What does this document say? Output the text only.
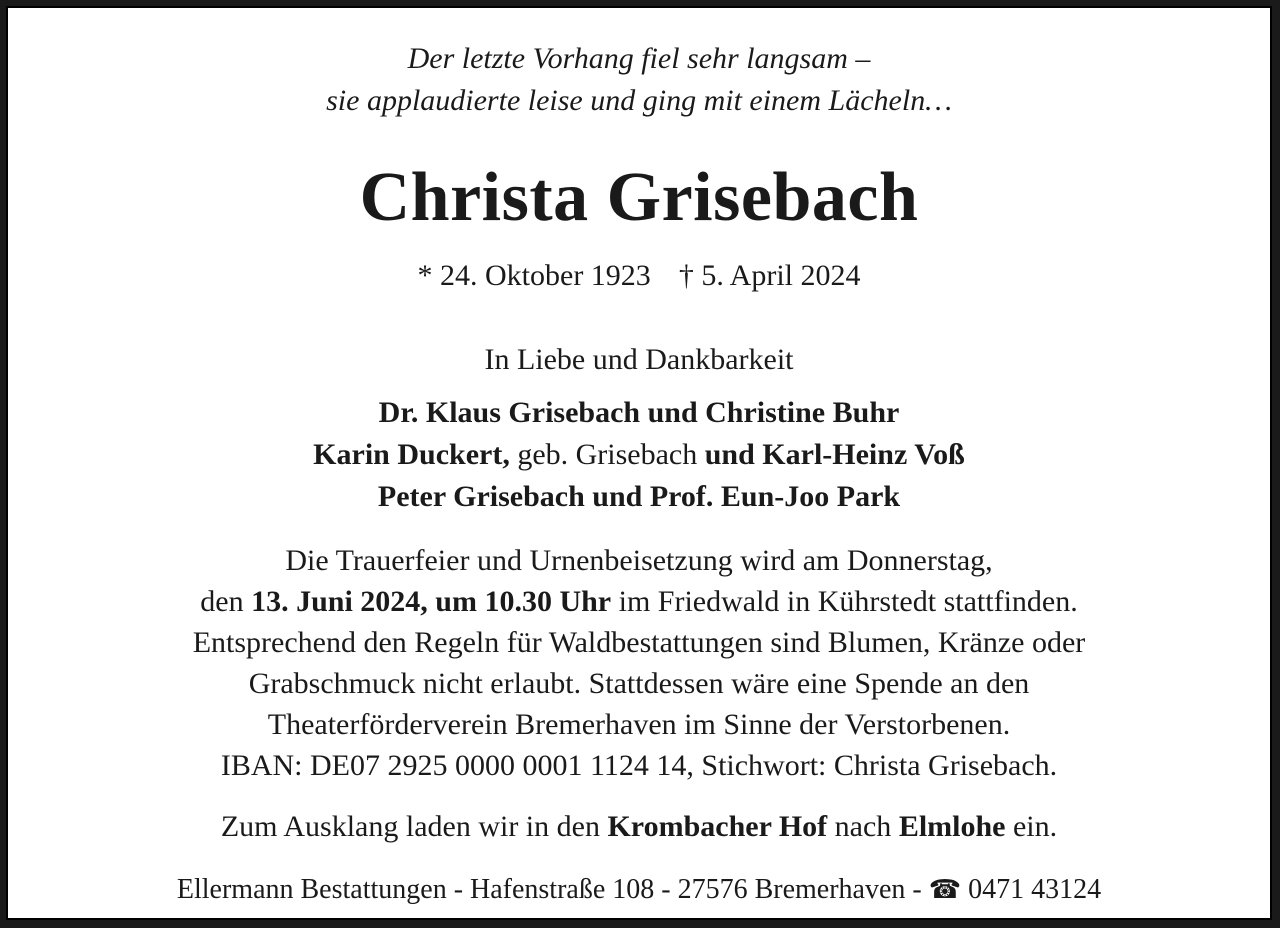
Der letzte Vorhang fiel sehr langsam –
sie applaudierte leise und ging mit einem Lächeln…
Christa Grisebach
* 24. Oktober 1923 † 5. April 2024
In Liebe und Dankbarkeit
Dr. Klaus Grisebach und Christine Buhr
Karin Duckert, geb. Grisebach und Karl-Heinz Voß
Peter Grisebach und Prof. Eun-Joo Park
Die Trauerfeier und Urnenbeisetzung wird am Donnerstag,
den 13. Juni 2024, um 10.30 Uhr im Friedwald in Kührstedt stattfinden.
Entsprechend den Regeln für Waldbestattungen sind Blumen, Kränze oder
Grabschmuck nicht erlaubt. Stattdessen wäre eine Spende an den
Theaterförderverein Bremerhaven im Sinne der Verstorbenen.
IBAN: DE07 2925 0000 0001 1124 14, Stichwort: Christa Grisebach.
Zum Ausklang laden wir in den Krombacher Hof nach Elmlohe ein.
Ellermann Bestattungen - Hafenstraße 108 - 27576 Bremerhaven - ☎ 0471 43124
